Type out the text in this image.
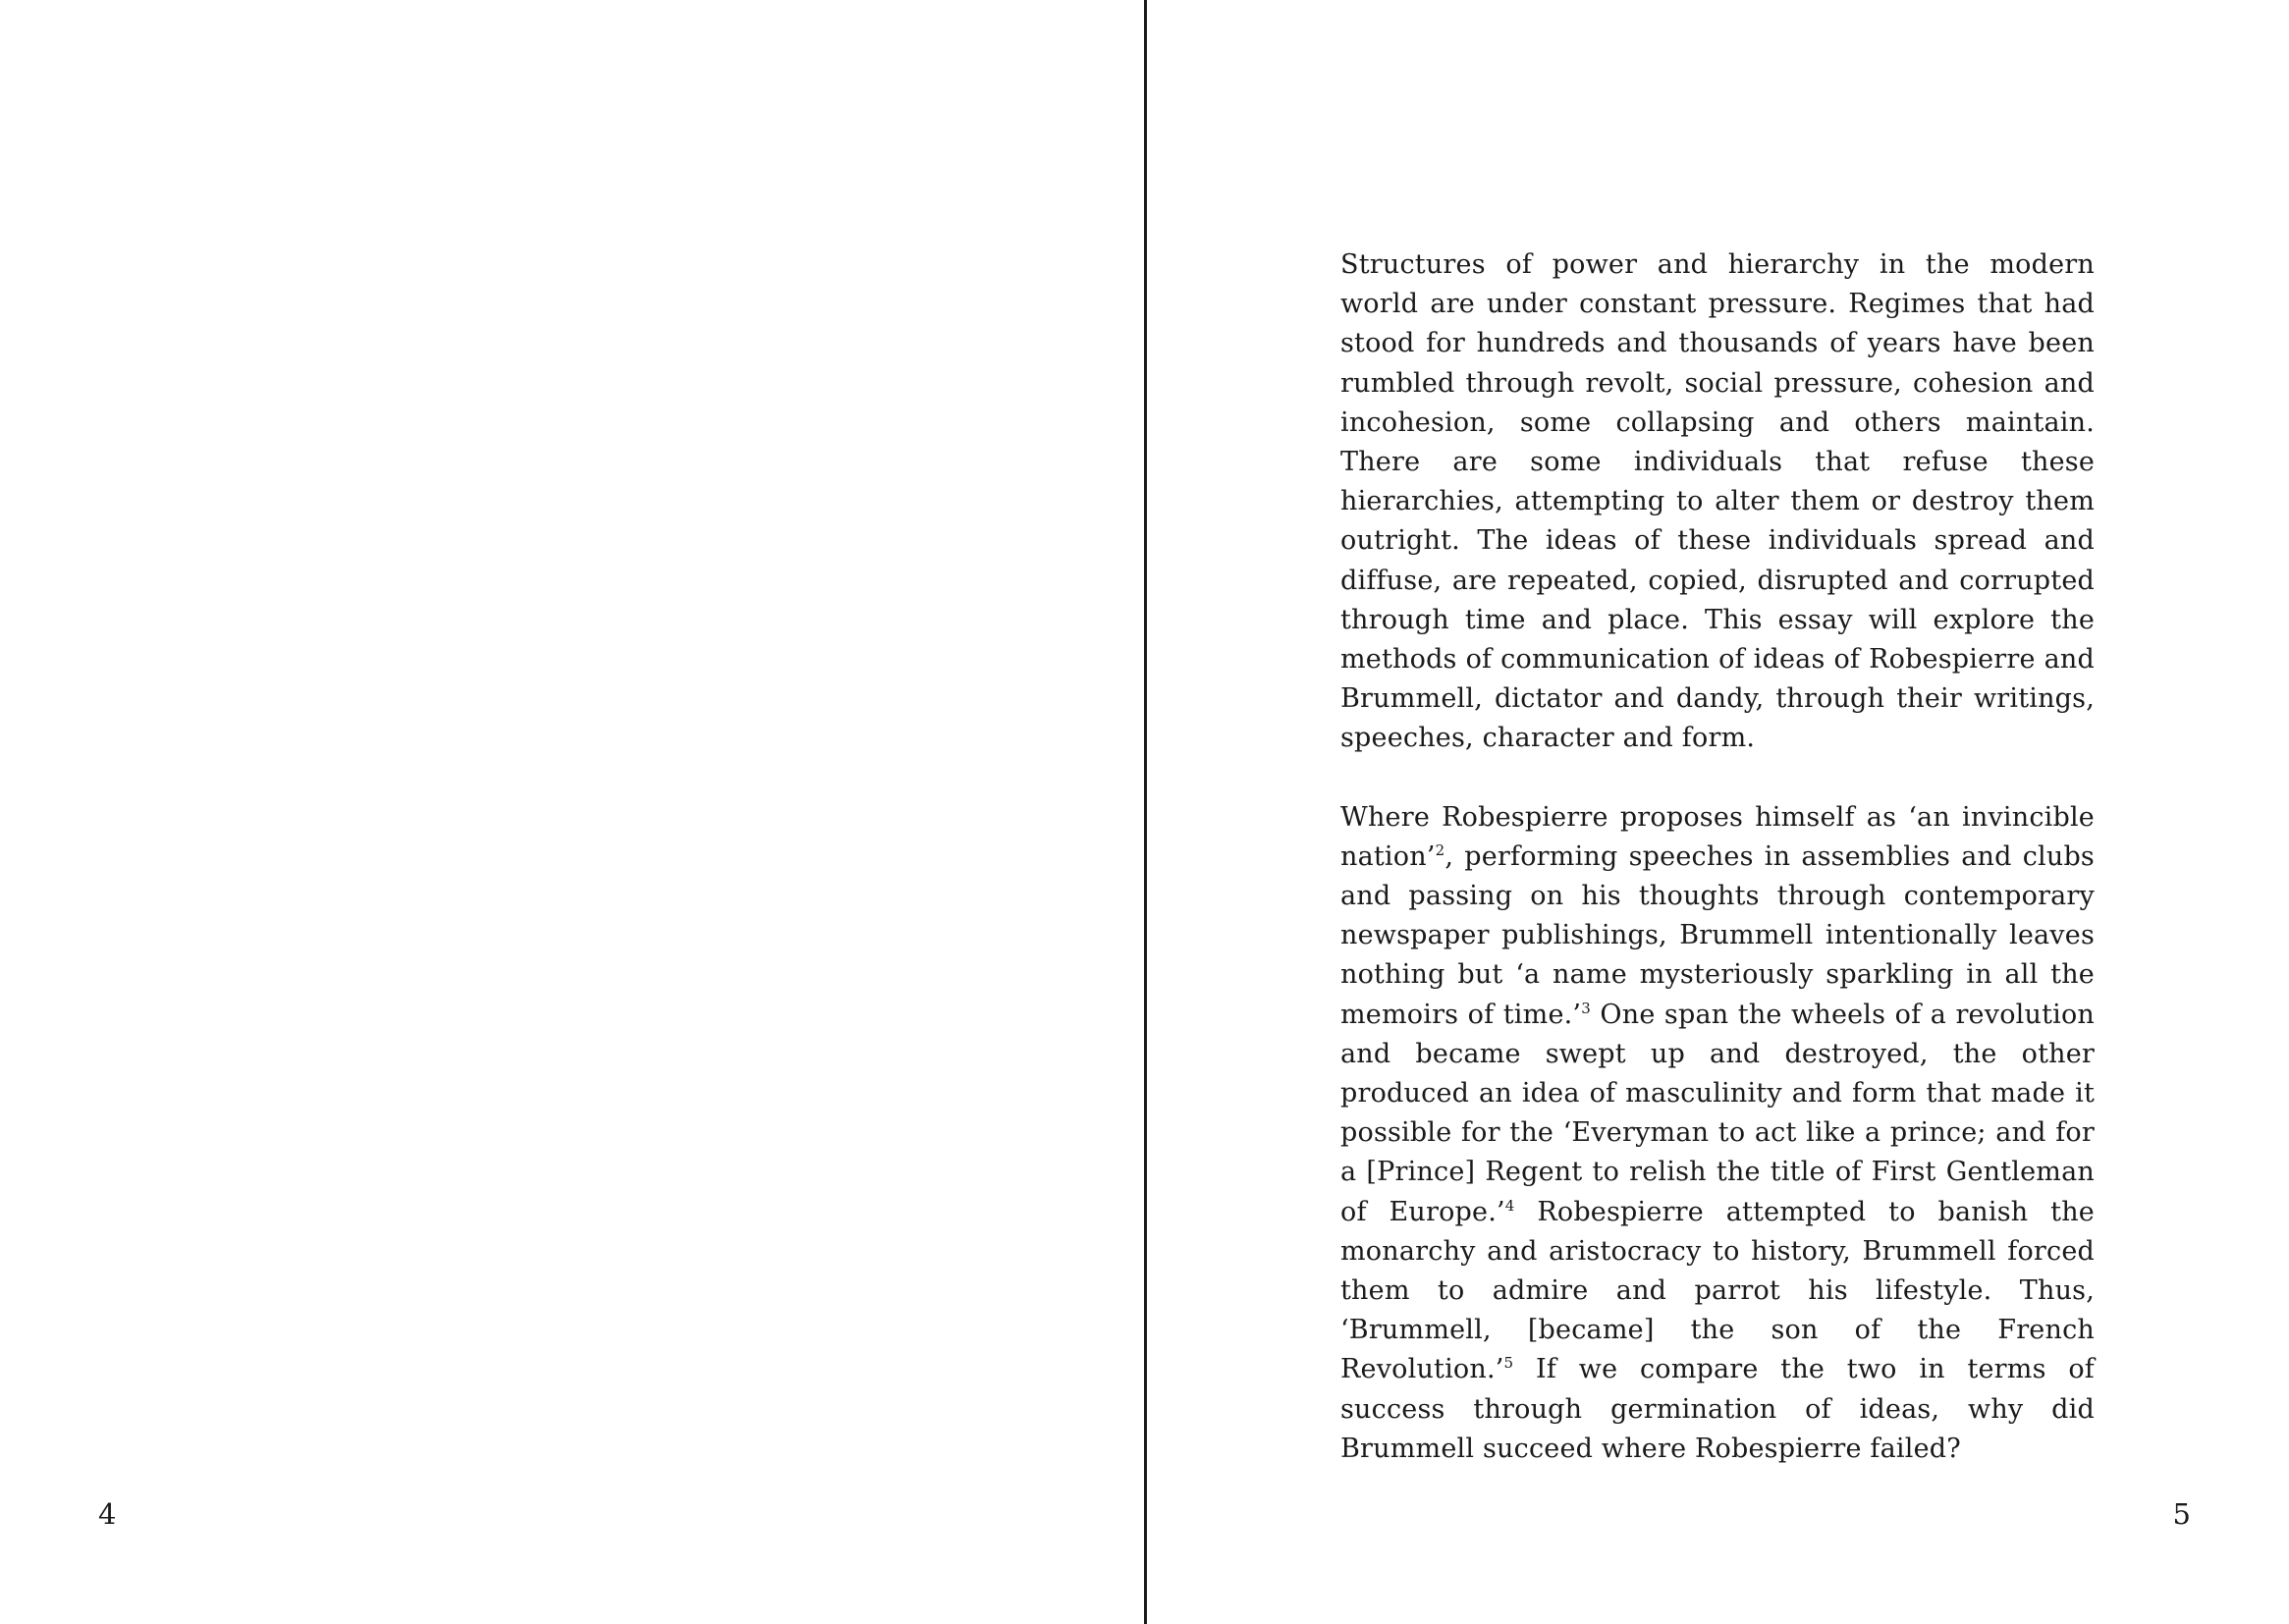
4

Structures of power and hierarchy in the modern world are under constant pressure. Regimes that had stood for hundreds and thousands of years have been rumbled through revolt, social pressure, cohesion and incohesion, some collapsing and others maintain. There are some individuals that refuse these hierarchies, attempting to alter them or destroy them outright. The ideas of these individuals spread and diffuse, are repeated, copied, disrupted and corrupted through time and place. This essay will explore the methods of communication of ideas of Robespierre and Brummell, dictator and dandy, through their writings, speeches, character and form.

Where Robespierre proposes himself as ‘an invincible nation’$^2$, performing speeches in assemblies and clubs and passing on his thoughts through contemporary newspaper publishings, Brummell intentionally leaves nothing but ‘a name mysteriously sparkling in all the memoirs of time.’$^3$ One span the wheels of a revolution and became swept up and destroyed, the other produced an idea of masculinity and form that made it possible for the ‘Everyman to act like a prince; and for a [Prince] Regent to relish the title of First Gentleman of Europe.’$^4$ Robespierre attempted to banish the monarchy and aristocracy to history, Brummell forced them to admire and parrot his lifestyle. Thus, ‘Brummell, [became] the son of the French Revolution.’$^5$ If we compare the two in terms of success through germination of ideas, why did Brummell succeed where Robespierre failed?

5
